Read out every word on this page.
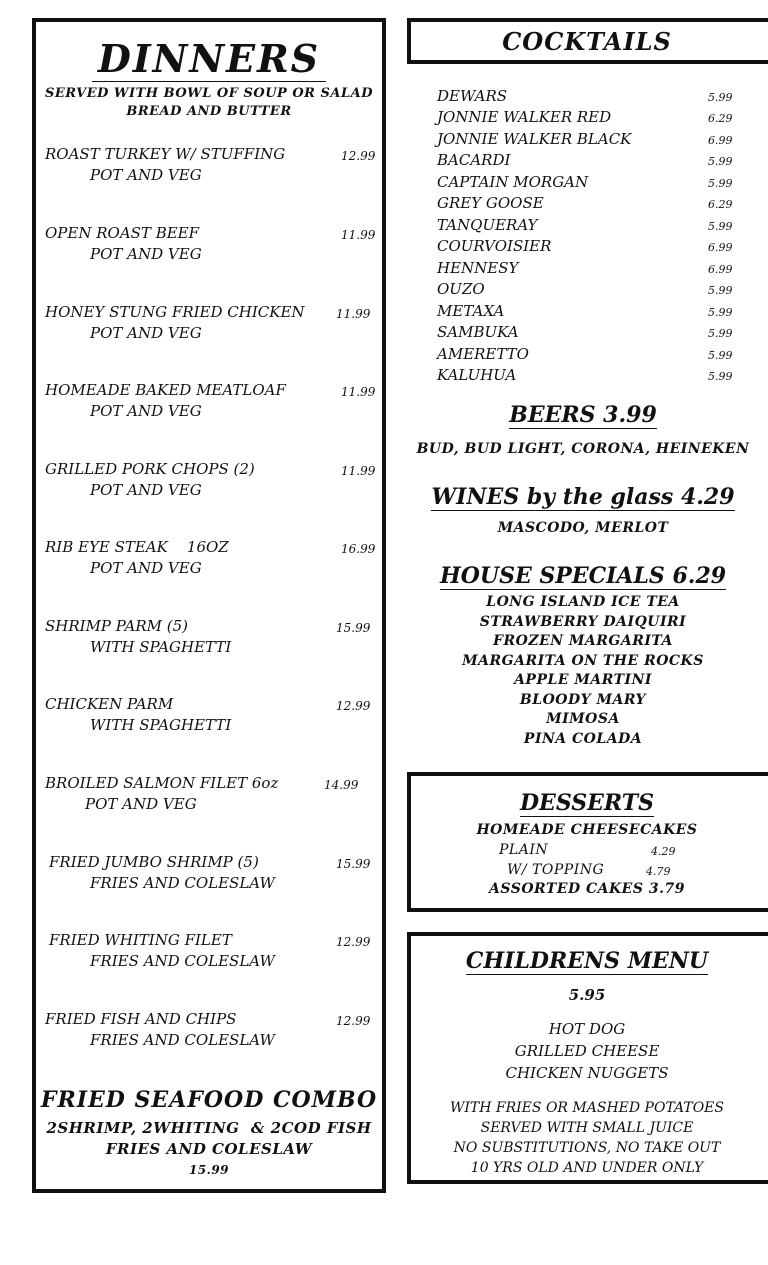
DINNERS
SERVED WITH BOWL OF SOUP OR SALAD
BREAD AND BUTTER
ROAST TURKEY W/ STUFFING	12.99
POT AND VEG
OPEN ROAST BEEF	11.99
POT AND VEG
HONEY STUNG FRIED CHICKEN	11.99
POT AND VEG
HOMEADE BAKED MEATLOAF	11.99
POT AND VEG
GRILLED PORK CHOPS (2)	11.99
POT AND VEG
RIB EYE STEAK    16OZ	16.99
POT AND VEG
SHRIMP PARM (5)	15.99
WITH SPAGHETTI
CHICKEN PARM	12.99
WITH SPAGHETTI
BROILED SALMON FILET 6oz	14.99
POT AND VEG
FRIED JUMBO SHRIMP (5)	15.99
FRIES AND COLESLAW
FRIED WHITING FILET	12.99
FRIES AND COLESLAW
FRIED FISH AND CHIPS	12.99
FRIES AND COLESLAW
FRIED SEAFOOD COMBO
2SHRIMP, 2WHITING  & 2COD FISH
FRIES AND COLESLAW
15.99
COCKTAILS
DEWARS	5.99
JONNIE WALKER RED	6.29
JONNIE WALKER BLACK	6.99
BACARDI	5.99
CAPTAIN MORGAN	5.99
GREY GOOSE	6.29
TANQUERAY	5.99
COURVOISIER	6.99
HENNESY	6.99
OUZO	5.99
METAXA	5.99
SAMBUKA	5.99
AMERETTO	5.99
KALUHUA	5.99
BEERS 3.99
BUD, BUD LIGHT, CORONA, HEINEKEN
WINES by the glass 4.29
MASCODO, MERLOT
HOUSE SPECIALS 6.29
LONG ISLAND ICE TEA
STRAWBERRY DAIQUIRI
FROZEN MARGARITA
MARGARITA ON THE ROCKS
APPLE MARTINI
BLOODY MARY
MIMOSA
PINA COLADA
DESSERTS
HOMEADE CHEESECAKES
PLAIN	4.29
W/ TOPPING	4.79
ASSORTED CAKES 3.79
CHILDRENS MENU
5.95
HOT DOG
GRILLED CHEESE
CHICKEN NUGGETS
WITH FRIES OR MASHED POTATOES
SERVED WITH SMALL JUICE
NO SUBSTITUTIONS, NO TAKE OUT
10 YRS OLD AND UNDER ONLY
